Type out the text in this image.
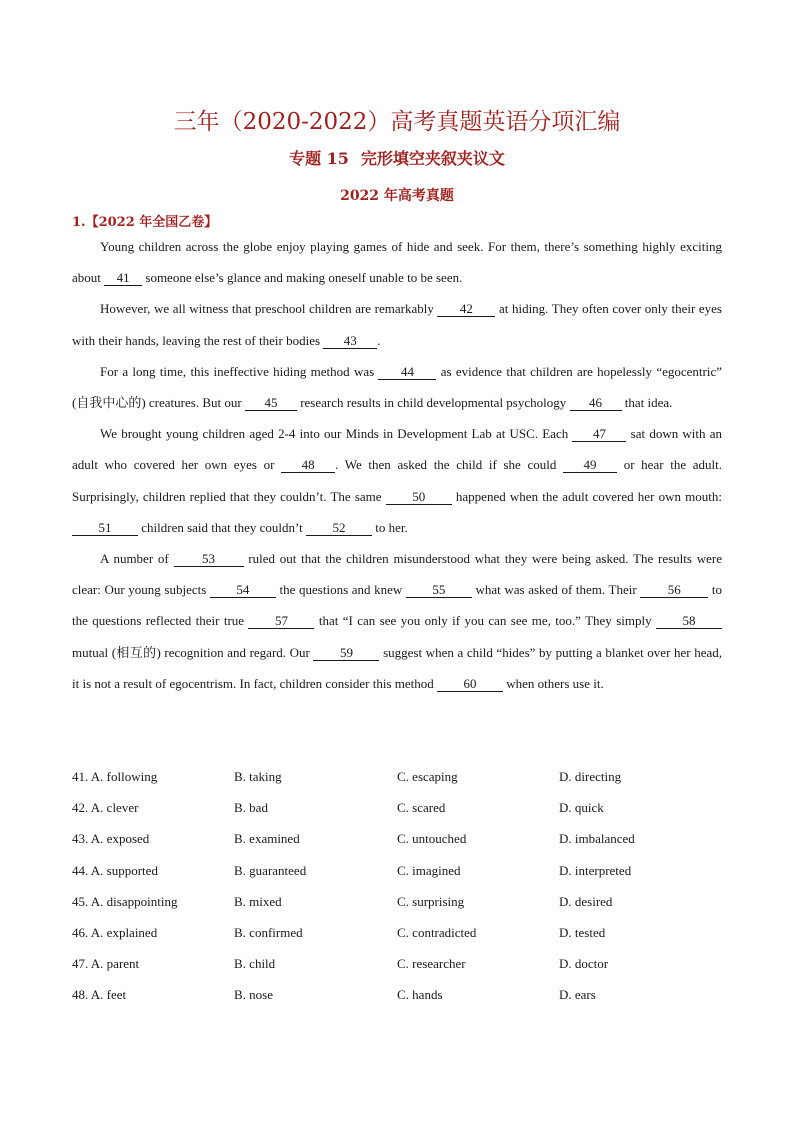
三年（2020-2022）高考真题英语分项汇编
专题 15 完形填空夹叙夹议文
2022 年高考真题
1.【2022 年全国乙卷】

Young children across the globe enjoy playing games of hide and seek. For them, there’s something highly exciting about 41 someone else’s glance and making oneself unable to be seen.

However, we all witness that preschool children are remarkably 42 at hiding. They often cover only their eyes with their hands, leaving the rest of their bodies 43 .

For a long time, this ineffective hiding method was 44 as evidence that children are hopelessly “egocentric” (自我中心的) creatures. But our 45 research results in child developmental psychology 46 that idea.

We brought young children aged 2-4 into our Minds in Development Lab at USC. Each 47 sat down with an adult who covered her own eyes or 48 . We then asked the child if she could 49 or hear the adult. Surprisingly, children replied that they couldn’t. The same 50 happened when the adult covered her own mouth: 51 children said that they couldn’t 52 to her.

A number of 53 ruled out that the children misunderstood what they were being asked. The results were clear: Our young subjects 54 the questions and knew 55 what was asked of them. Their 56 to the questions reflected their true 57 that “I can see you only if you can see me, too.” They simply 58 mutual (相互的) recognition and regard. Our 59 suggest when a child “hides” by putting a blanket over her head, it is not a result of egocentrism. In fact, children consider this method 60 when others use it.

41. A. following	B. taking	C. escaping	D. directing
42. A. clever	B. bad	C. scared	D. quick
43. A. exposed	B. examined	C. untouched	D. imbalanced
44. A. supported	B. guaranteed	C. imagined	D. interpreted
45. A. disappointing	B. mixed	C. surprising	D. desired
46. A. explained	B. confirmed	C. contradicted	D. tested
47. A. parent	B. child	C. researcher	D. doctor
48. A. feet	B. nose	C. hands	D. ears
